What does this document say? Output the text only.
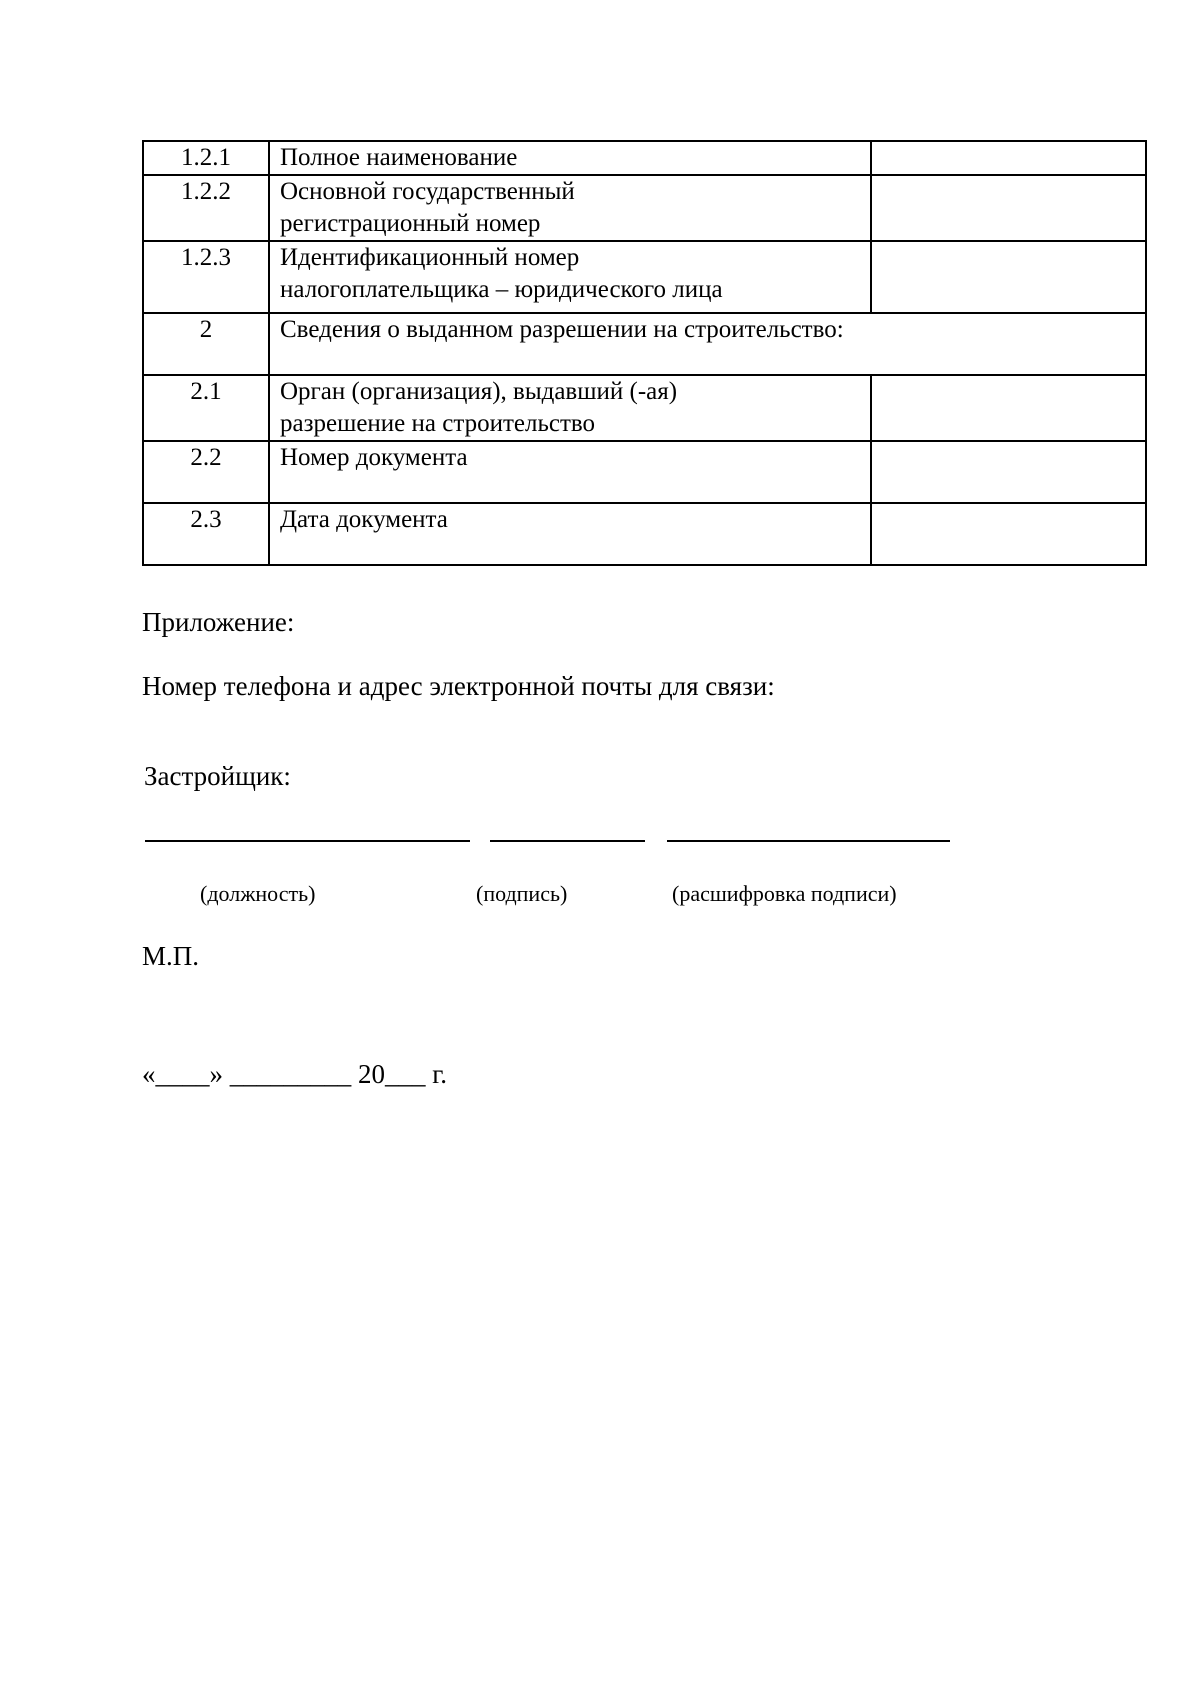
1.2.1	Полное наименование	

1.2.2	Основной государственный
регистрационный номер	

1.2.3	Идентификационный номер
налогоплательщика – юридического лица	

2	Сведения о выданном разрешении на строительство:	

2.1	Орган (организация), выдавший (-ая)
разрешение на строительство	

2.2	Номер документа	

2.3	Дата документа	

Приложение:

Номер телефона и адрес электронной почты для связи:

Застройщик:

(должность)	(подпись)	(расшифровка подписи)

М.П.

«____» _________ 20___ г.
